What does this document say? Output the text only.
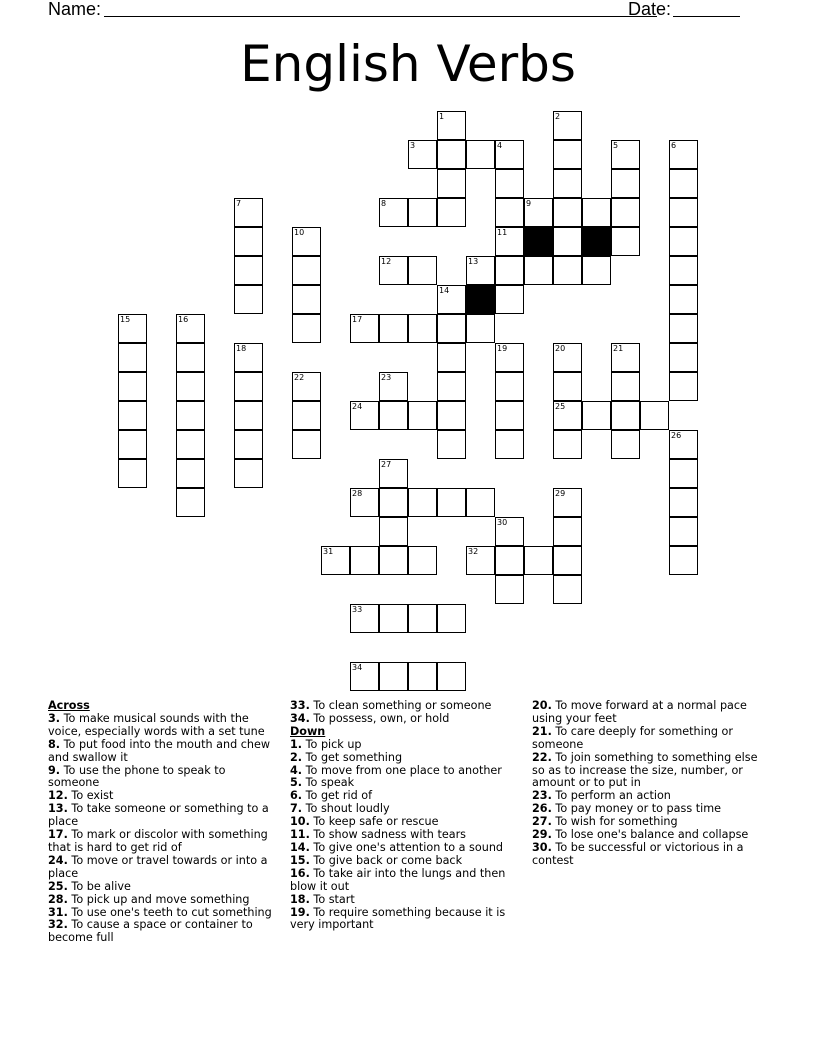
Name:	Date:
English Verbs
1	2
3	4	5	6
7	8	9
10	11
12	13
14
15	16	17
18	19	20	21
22	23
24	25
26
27
28	29
30
31	32
33
34
Across
3. To make musical sounds with the voice, especially words with a set tune
8. To put food into the mouth and chew and swallow it
9. To use the phone to speak to someone
12. To exist
13. To take someone or something to a place
17. To mark or discolor with something that is hard to get rid of
24. To move or travel towards or into a place
25. To be alive
28. To pick up and move something
31. To use one's teeth to cut something
32. To cause a space or container to become full
33. To clean something or someone
34. To possess, own, or hold
Down
1. To pick up
2. To get something
4. To move from one place to another
5. To speak
6. To get rid of
7. To shout loudly
10. To keep safe or rescue
11. To show sadness with tears
14. To give one's attention to a sound
15. To give back or come back
16. To take air into the lungs and then blow it out
18. To start
19. To require something because it is very important
20. To move forward at a normal pace using your feet
21. To care deeply for something or someone
22. To join something to something else so as to increase the size, number, or amount or to put in
23. To perform an action
26. To pay money or to pass time
27. To wish for something
29. To lose one's balance and collapse
30. To be successful or victorious in a contest
